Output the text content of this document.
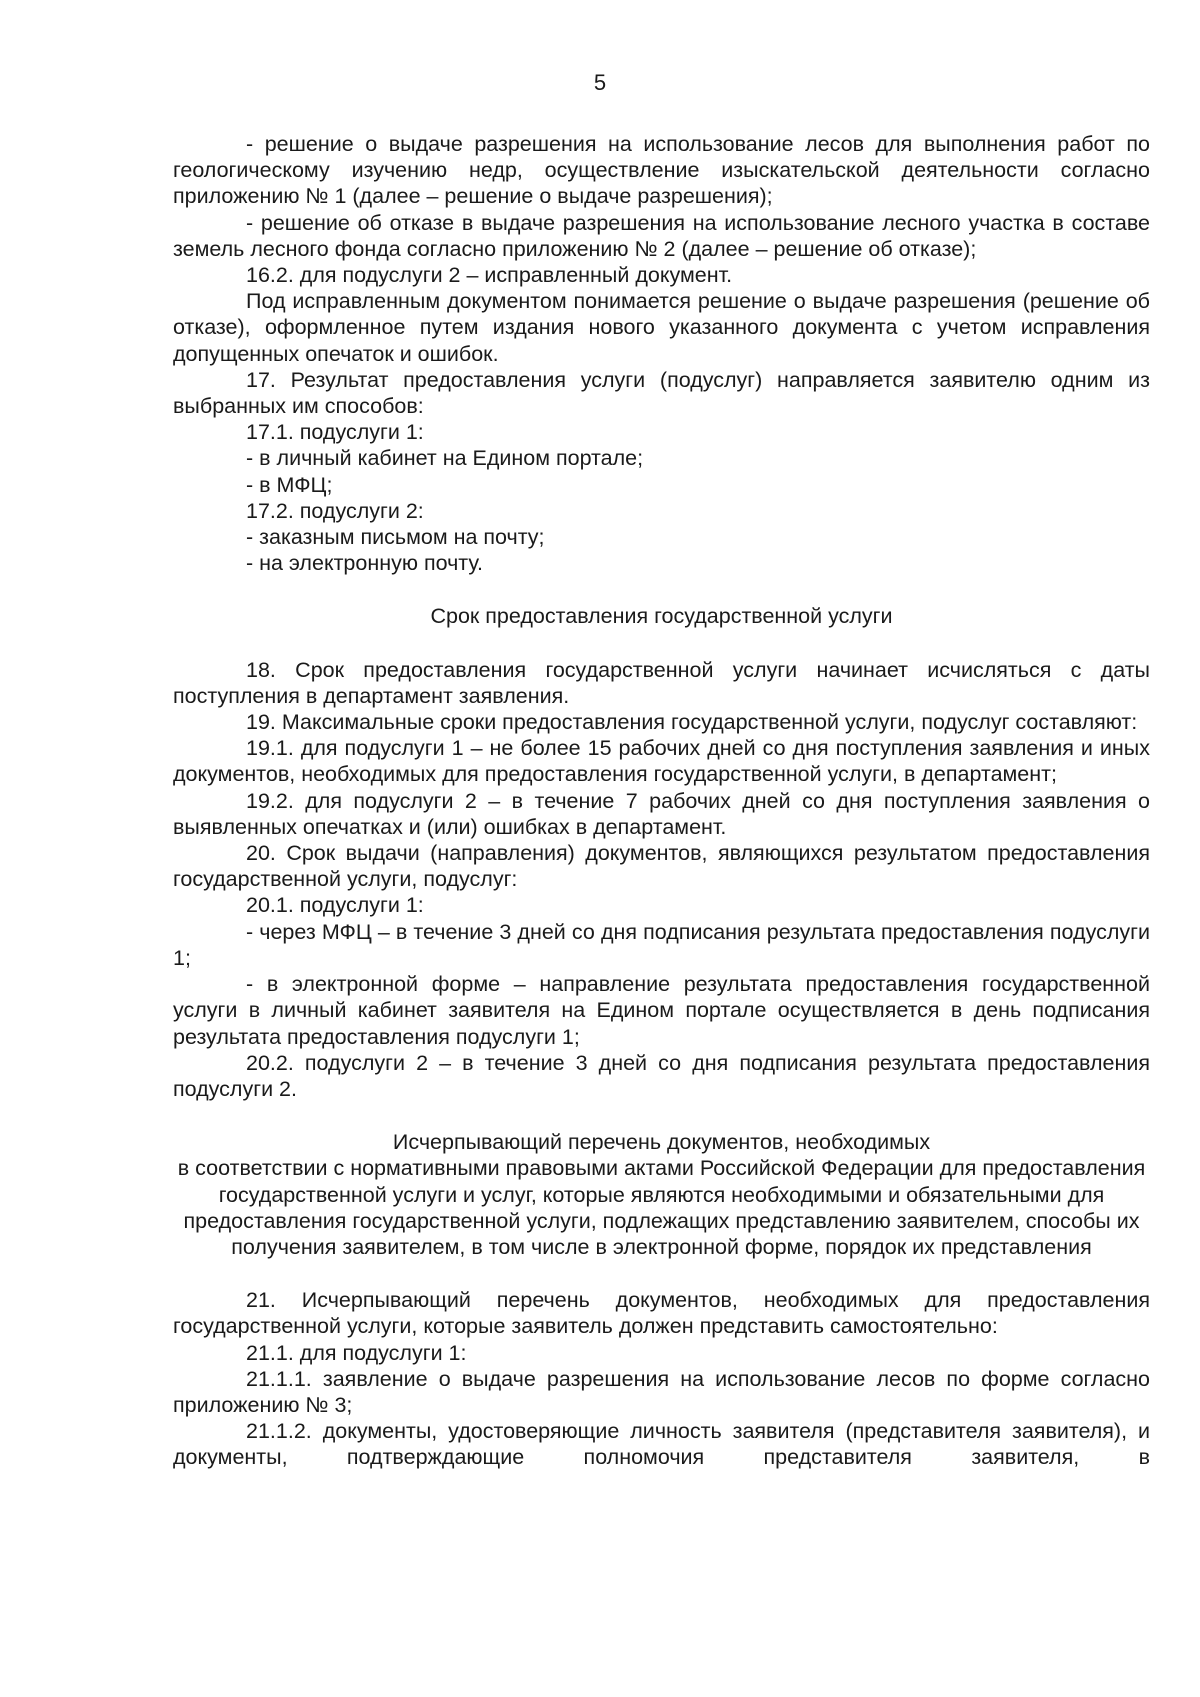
5

- решение о выдаче разрешения на использование лесов для выполнения работ по геологическому изучению недр, осуществление изыскательской деятельности согласно приложению № 1 (далее – решение о выдаче разрешения);

- решение об отказе в выдаче разрешения на использование лесного участка в составе земель лесного фонда согласно приложению № 2 (далее – решение об отказе);

16.2. для подуслуги 2 – исправленный документ.

Под исправленным документом понимается решение о выдаче разрешения (решение об отказе), оформленное путем издания нового указанного документа с учетом исправления допущенных опечаток и ошибок.

17. Результат предоставления услуги (подуслуг) направляется заявителю одним из выбранных им способов:

17.1. подуслуги 1:

- в личный кабинет на Едином портале;

- в МФЦ;

17.2. подуслуги 2:

- заказным письмом на почту;

- на электронную почту.

Срок предоставления государственной услуги

18. Срок предоставления государственной услуги начинает исчисляться с даты поступления в департамент заявления.

19. Максимальные сроки предоставления государственной услуги, подуслуг составляют:

19.1. для подуслуги 1 – не более 15 рабочих дней со дня поступления заявления и иных документов, необходимых для предоставления государственной услуги, в департамент;

19.2. для подуслуги 2 – в течение 7 рабочих дней со дня поступления заявления о выявленных опечатках и (или) ошибках в департамент.

20. Срок выдачи (направления) документов, являющихся результатом предоставления государственной услуги, подуслуг:

20.1. подуслуги 1:

- через МФЦ – в течение 3 дней со дня подписания результата предоставления подуслуги 1;

- в электронной форме – направление результата предоставления государственной услуги в личный кабинет заявителя на Едином портале осуществляется в день подписания результата предоставления подуслуги 1;

20.2. подуслуги 2 – в течение 3 дней со дня подписания результата предоставления подуслуги 2.

Исчерпывающий перечень документов, необходимых
в соответствии с нормативными правовыми актами Российской Федерации для предоставления государственной услуги и услуг, которые являются необходимыми и обязательными для предоставления государственной услуги, подлежащих представлению заявителем, способы их получения заявителем, в том числе в электронной форме, порядок их представления

21. Исчерпывающий перечень документов, необходимых для предоставления государственной услуги, которые заявитель должен представить самостоятельно:

21.1. для подуслуги 1:

21.1.1. заявление о выдаче разрешения на использование лесов по форме согласно приложению № 3;

21.1.2. документы, удостоверяющие личность заявителя (представителя заявителя), и документы, подтверждающие полномочия представителя заявителя, в
